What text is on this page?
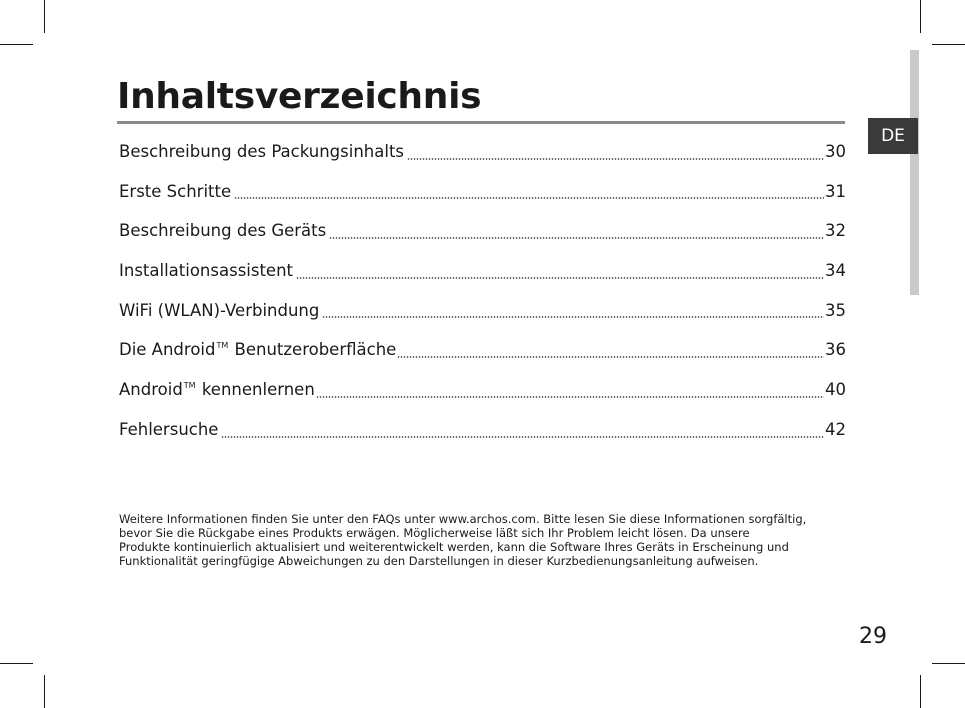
DE
Inhaltsverzeichnis
Beschreibung des Packungsinhalts	30
Erste Schritte	31
Beschreibung des Geräts	32
Installationsassistent	34
WiFi (WLAN)-Verbindung	35
Die Android™ Benutzeroberfläche	36
Android™ kennenlernen	40
Fehlersuche	42

Weitere Informationen finden Sie unter den FAQs unter www.archos.com. Bitte lesen Sie diese Informationen sorgfältig,
bevor Sie die Rückgabe eines Produkts erwägen. Möglicherweise läßt sich Ihr Problem leicht lösen. Da unsere
Produkte kontinuierlich aktualisiert und weiterentwickelt werden, kann die Software Ihres Geräts in Erscheinung und
Funktionalität geringfügige Abweichungen zu den Darstellungen in dieser Kurzbedienungsanleitung aufweisen.

29
